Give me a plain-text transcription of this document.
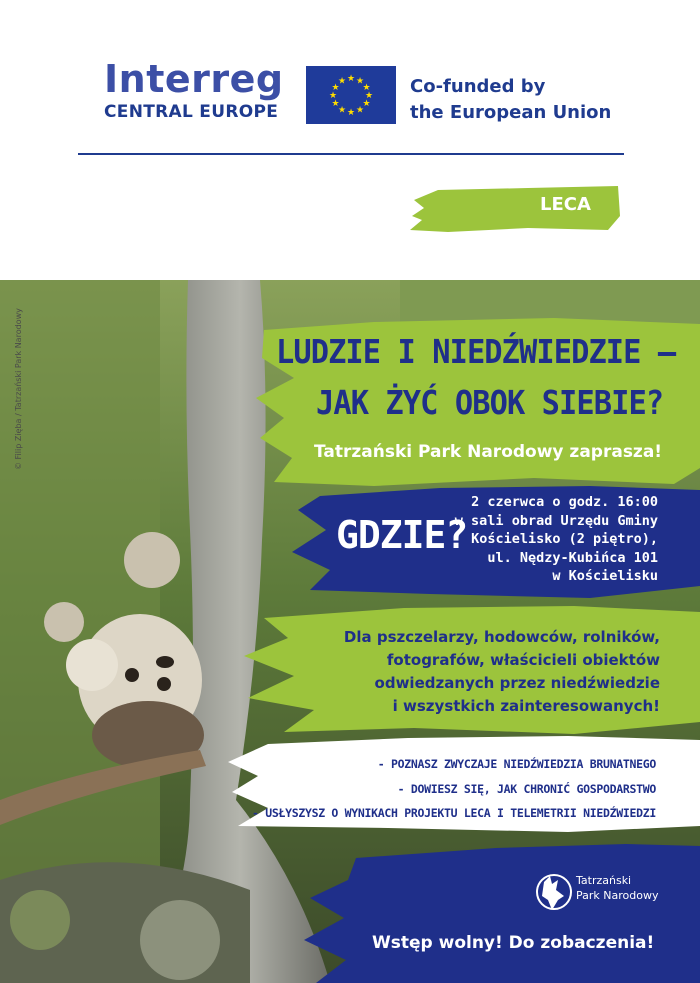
Interreg
CENTRAL EUROPE
★ ★
★
★
★
★
★
★
★
★
★
★	Co-funded by
the European Union
LECA
© Filip Zięba / Tatrzański Park Narodowy	LUDZIE I NIEDŹWIEDZIE –
JAK ŻYĆ OBOK SIEBIE?
Tatrzański Park Narodowy zaprasza!
GDZIE?
2 czerwca o godz. 16:00
w sali obrad Urzędu Gminy
Kościelisko (2 piętro),
ul. Nędzy-Kubińca 101
w Kościelisku
Dla pszczelarzy, hodowców, rolników,
fotografów, właścicieli obiektów
odwiedzanych przez niedźwiedzie
i wszystkich zainteresowanych!
- POZNASZ ZWYCZAJE NIEDŹWIEDZIA BRUNATNEGO
- DOWIESZ SIĘ, JAK CHRONIĆ GOSPODARSTWO
- USŁYSZYSZ O WYNIKACH PROJEKTU LECA I TELEMETRII NIEDŹWIEDZI
Tatrzański
Park Narodowy
Wstęp wolny! Do zobaczenia!
